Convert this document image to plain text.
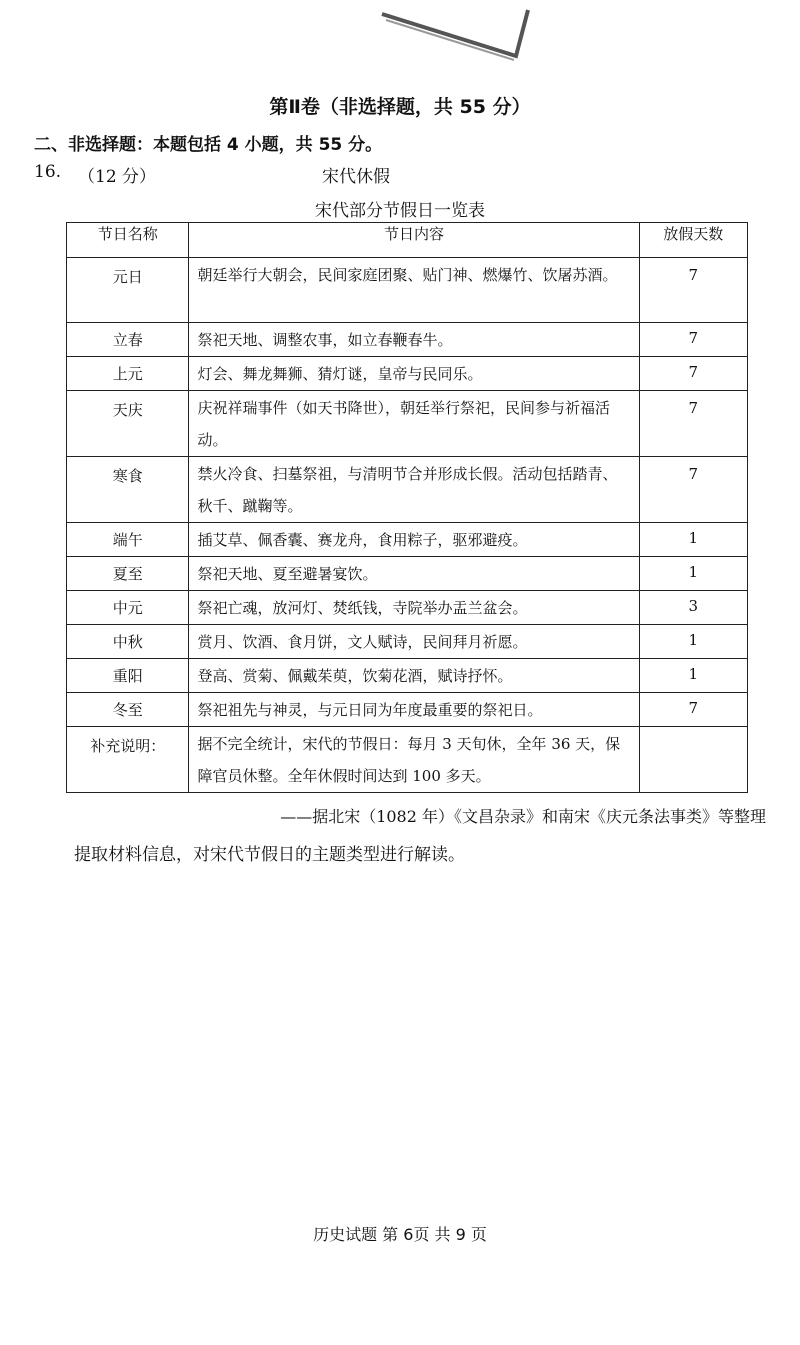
第Ⅱ卷（非选择题，共 55 分）
二、非选择题：本题包括 4 小题，共 55 分。
16. （12 分）	宋代休假
宋代部分节假日一览表
节日名称	节日内容	放假天数

元日	朝廷举行大朝会，民间家庭团聚、贴门神、燃爆竹、饮屠苏酒。	7

立春	祭祀天地、调整农事，如立春鞭春牛。	7

上元	灯会、舞龙舞狮、猜灯谜，皇帝与民同乐。	7

天庆	庆祝祥瑞事件（如天书降世），朝廷举行祭祀，民间参与祈福活动。	7

寒食	禁火冷食、扫墓祭祖，与清明节合并形成长假。活动包括踏青、秋千、蹴鞠等。	7

端午	插艾草、佩香囊、赛龙舟，食用粽子，驱邪避疫。	1

夏至	祭祀天地、夏至避暑宴饮。	1

中元	祭祀亡魂，放河灯、焚纸钱，寺院举办盂兰盆会。	3

中秋	赏月、饮酒、食月饼，文人赋诗，民间拜月祈愿。	1

重阳	登高、赏菊、佩戴茱萸，饮菊花酒，赋诗抒怀。	1

冬至	祭祀祖先与神灵，与元日同为年度最重要的祭祀日。	7

补充说明：	据不完全统计，宋代的节假日：每月 3 天旬休，全年 36 天，保障官员休整。全年休假时间达到 100 多天。	

——据北宋（1082 年）《文昌杂录》和南宋《庆元条法事类》等整理
提取材料信息，对宋代节假日的主题类型进行解读。
历史试题 第 6页 共 9 页
